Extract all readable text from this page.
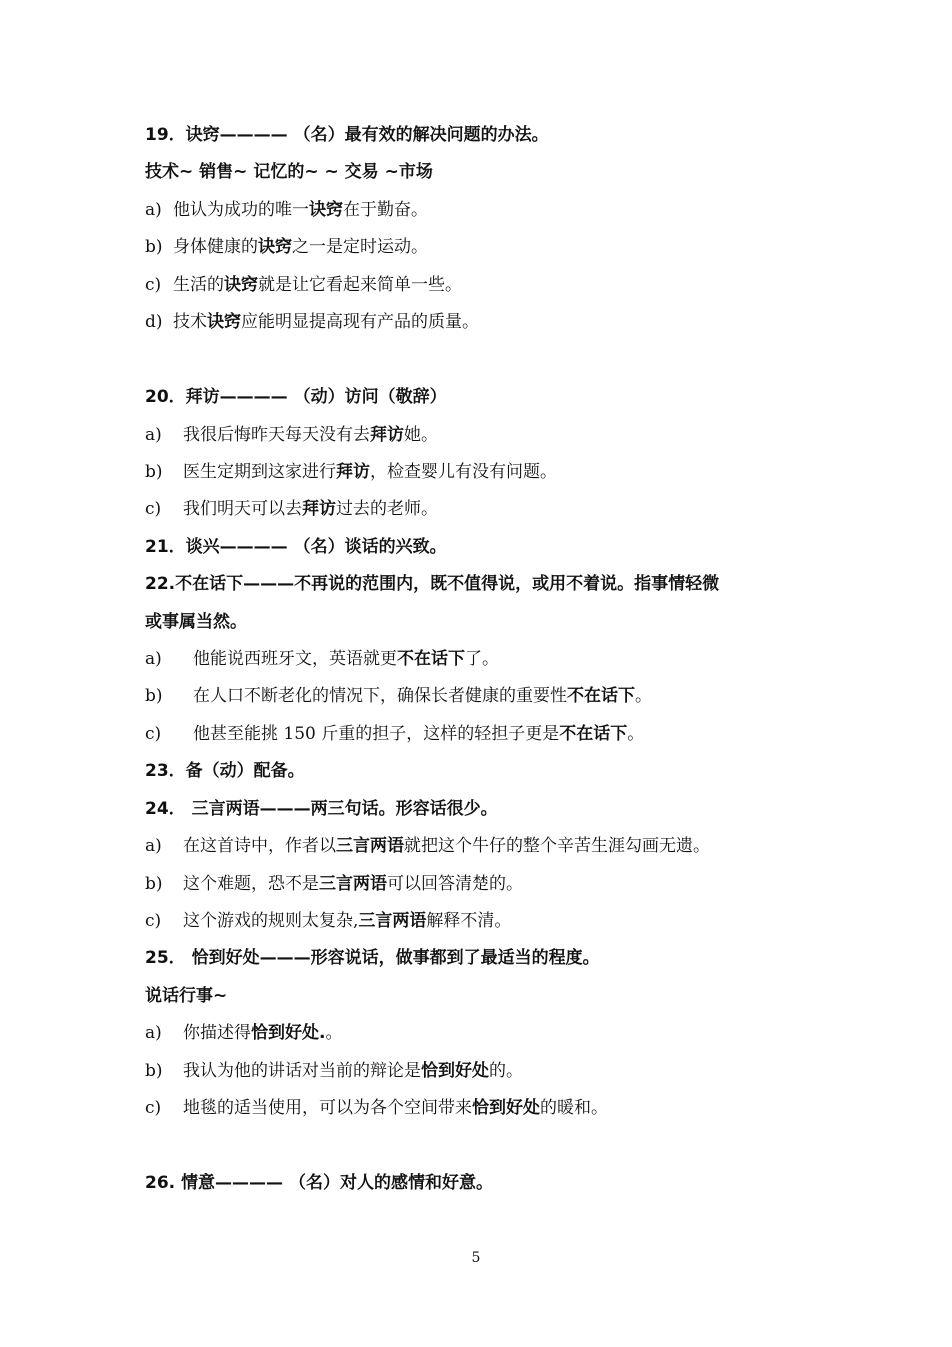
19．诀窍———— （名）最有效的解决问题的办法。
技术~ 销售~ 记忆的~ ~ 交易 ~市场
a) 他认为成功的唯一诀窍在于勤奋。
b) 身体健康的诀窍之一是定时运动。
c) 生活的诀窍就是让它看起来简单一些。
d) 技术诀窍应能明显提高现有产品的质量。
20．拜访———— （动）访问（敬辞）
a) 我很后悔昨天每天没有去拜访她。
b) 医生定期到这家进行拜访，检查婴儿有没有问题。
c) 我们明天可以去拜访过去的老师。
21．谈兴———— （名）谈话的兴致。
22.不在话下———不再说的范围内，既不值得说，或用不着说。指事情轻微
或事属当然。
a) 他能说西班牙文，英语就更不在话下了。
b) 在人口不断老化的情况下，确保长者健康的重要性不在话下。
c) 他甚至能挑 150 斤重的担子，这样的轻担子更是不在话下。
23．备（动）配备。
24． 三言两语———两三句话。形容话很少。
a) 在这首诗中，作者以三言两语就把这个牛仔的整个辛苦生涯勾画无遗。
b) 这个难题，恐不是三言两语可以回答清楚的。
c) 这个游戏的规则太复杂,三言两语解释不清。
25． 恰到好处———形容说话，做事都到了最适当的程度。
说话行事~
a) 你描述得恰到好处.。
b) 我认为他的讲话对当前的辩论是恰到好处的。
c) 地毯的适当使用，可以为各个空间带来恰到好处的暖和。
26. 情意———— （名）对人的感情和好意。
5
